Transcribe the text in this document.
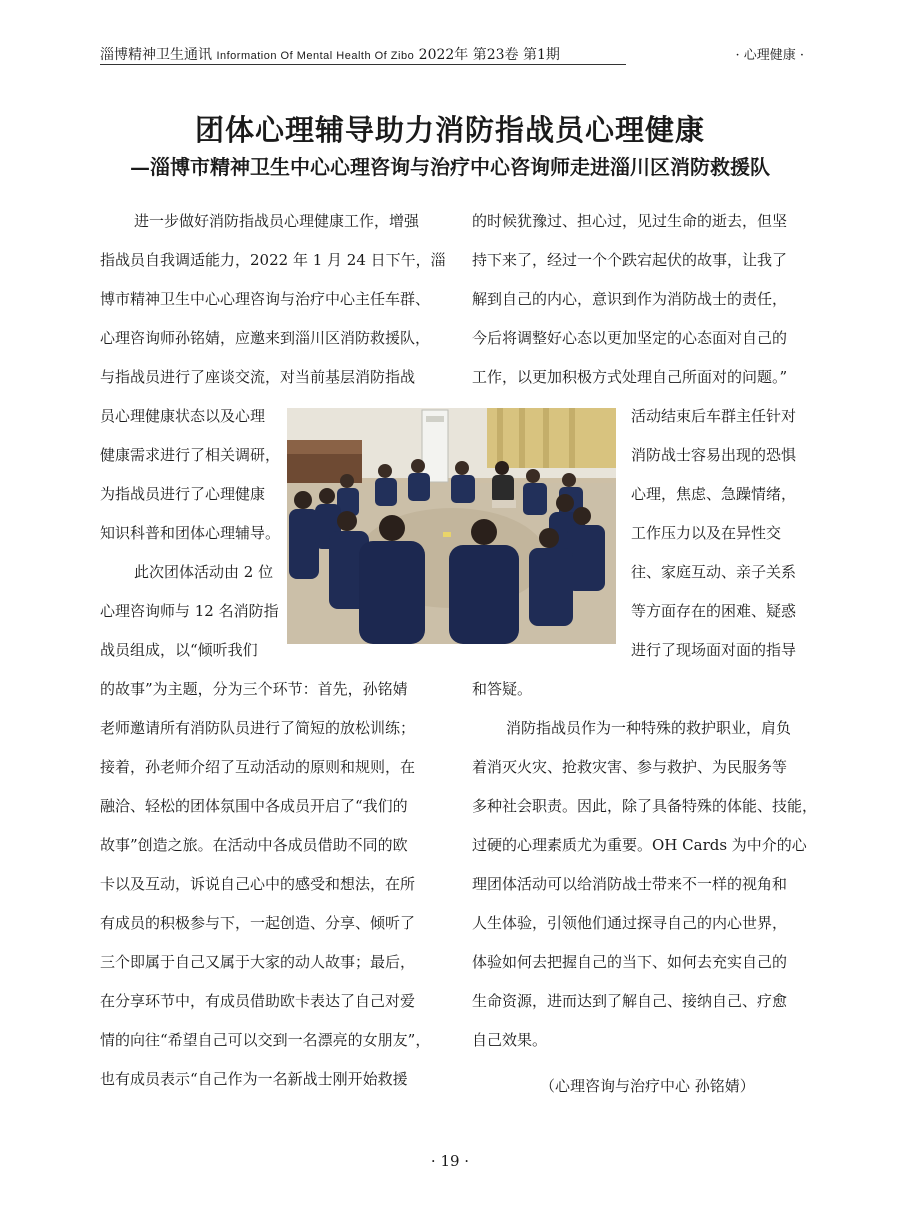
淄博精神卫生通讯 Information Of Mental Health Of Zibo 2022年 第23卷 第1期	· 心理健康 ·
团体心理辅导助力消防指战员心理健康
—淄博市精神卫生中心心理咨询与治疗中心咨询师走进淄川区消防救援队
进一步做好消防指战员心理健康工作，增强
指战员自我调适能力，2022 年 1 月 24 日下午，淄
博市精神卫生中心心理咨询与治疗中心主任车群、
心理咨询师孙铭婧，应邀来到淄川区消防救援队，
与指战员进行了座谈交流，对当前基层消防指战
员心理健康状态以及心理
健康需求进行了相关调研，
为指战员进行了心理健康
知识科普和团体心理辅导。
此次团体活动由 2 位
心理咨询师与 12 名消防指
战员组成，以“倾听我们
的故事”为主题，分为三个环节：首先，孙铭婧
老师邀请所有消防队员进行了简短的放松训练；
接着，孙老师介绍了互动活动的原则和规则，在
融洽、轻松的团体氛围中各成员开启了“我们的
故事”创造之旅。在活动中各成员借助不同的欧
卡以及互动，诉说自己心中的感受和想法，在所
有成员的积极参与下，一起创造、分享、倾听了
三个即属于自己又属于大家的动人故事；最后，
在分享环节中，有成员借助欧卡表达了自己对爱
情的向往“希望自己可以交到一名漂亮的女朋友”，
也有成员表示“自己作为一名新战士刚开始救援
的时候犹豫过、担心过，见过生命的逝去，但坚
持下来了，经过一个个跌宕起伏的故事，让我了
解到自己的内心，意识到作为消防战士的责任，
今后将调整好心态以更加坚定的心态面对自己的
工作，以更加积极方式处理自己所面对的问题。”
活动结束后车群主任针对
消防战士容易出现的恐惧
心理，焦虑、急躁情绪，
工作压力以及在异性交
往、家庭互动、亲子关系
等方面存在的困难、疑惑
进行了现场面对面的指导
和答疑。
消防指战员作为一种特殊的救护职业，肩负
着消灭火灾、抢救灾害、参与救护、为民服务等
多种社会职责。因此，除了具备特殊的体能、技能，
过硬的心理素质尤为重要。OH Cards 为中介的心
理团体活动可以给消防战士带来不一样的视角和
人生体验，引领他们通过探寻自己的内心世界，
体验如何去把握自己的当下、如何去充实自己的
生命资源，进而达到了解自己、接纳自己、疗愈
自己效果。
（心理咨询与治疗中心 孙铭婧）
· 19 ·
